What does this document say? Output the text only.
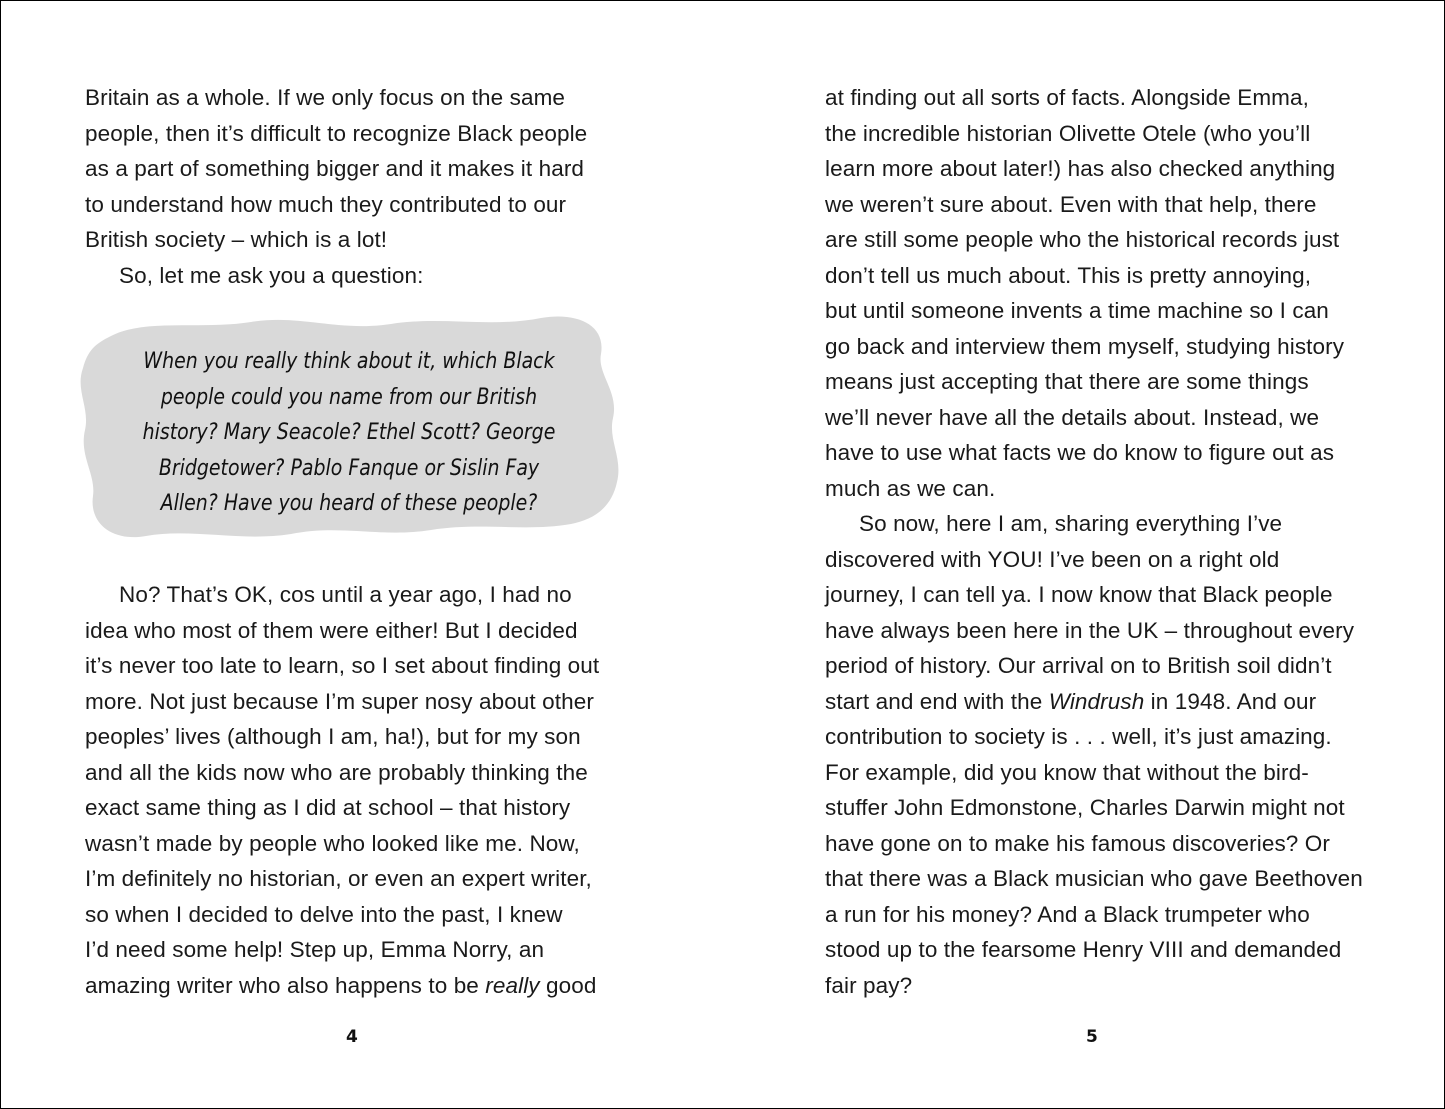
Britain as a whole. If we only focus on the same
people, then it’s difficult to recognize Black people
as a part of something bigger and it makes it hard
to understand how much they contributed to our
British society – which is a lot!
So, let me ask you a question:
When you really think about it, which Black
people could you name from our British
history? Mary Seacole? Ethel Scott? George
Bridgetower? Pablo Fanque or Sislin Fay
Allen? Have you heard of these people?
No? That’s OK, cos until a year ago, I had no
idea who most of them were either! But I decided
it’s never too late to learn, so I set about finding out
more. Not just because I’m super nosy about other
peoples’ lives (although I am, ha!), but for my son
and all the kids now who are probably thinking the
exact same thing as I did at school – that history
wasn’t made by people who looked like me. Now,
I’m definitely no historian, or even an expert writer,
so when I decided to delve into the past, I knew
I’d need some help! Step up, Emma Norry, an
amazing writer who also happens to be really good
4
at finding out all sorts of facts. Alongside Emma,
the incredible historian Olivette Otele (who you’ll
learn more about later!) has also checked anything
we weren’t sure about. Even with that help, there
are still some people who the historical records just
don’t tell us much about. This is pretty annoying,
but until someone invents a time machine so I can
go back and interview them myself, studying history
means just accepting that there are some things
we’ll never have all the details about. Instead, we
have to use what facts we do know to figure out as
much as we can.
So now, here I am, sharing everything I’ve
discovered with YOU! I’ve been on a right old
journey, I can tell ya. I now know that Black people
have always been here in the UK – throughout every
period of history. Our arrival on to British soil didn’t
start and end with the Windrush in 1948. And our
contribution to society is . . . well, it’s just amazing.
For example, did you know that without the bird-
stuffer John Edmonstone, Charles Darwin might not
have gone on to make his famous discoveries? Or
that there was a Black musician who gave Beethoven
a run for his money? And a Black trumpeter who
stood up to the fearsome Henry VIII and demanded
fair pay?
5
